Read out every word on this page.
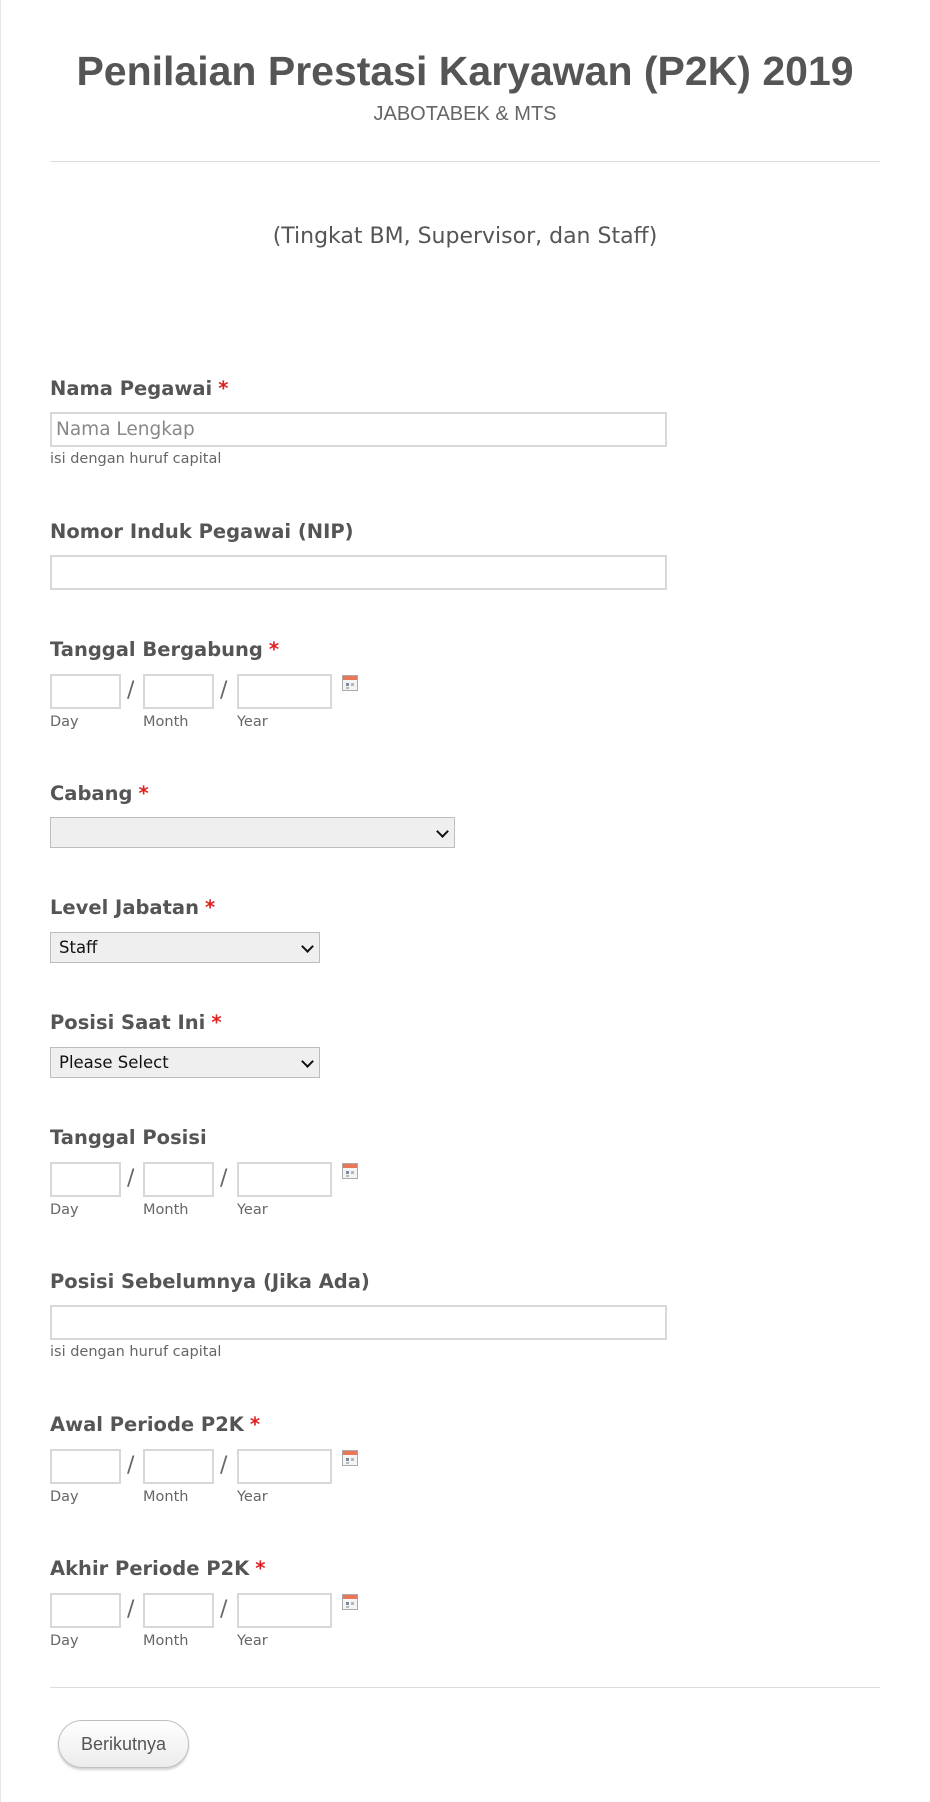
Penilaian Prestasi Karyawan (P2K) 2019
JABOTABEK & MTS
(Tingkat BM, Supervisor, dan Staff)
Nama Pegawai *
Nama Lengkap
isi dengan huruf capital
Nomor Induk Pegawai (NIP)
Tanggal Bergabung *
/	/
Day	Month	Year
Cabang *
Level Jabatan *
Staff
Posisi Saat Ini *
Please Select
Tanggal Posisi
/	/
Day	Month	Year
Posisi Sebelumnya (Jika Ada)
isi dengan huruf capital
Awal Periode P2K *
/	/
Day	Month	Year
Akhir Periode P2K *
/	/
Day	Month	Year
Berikutnya
